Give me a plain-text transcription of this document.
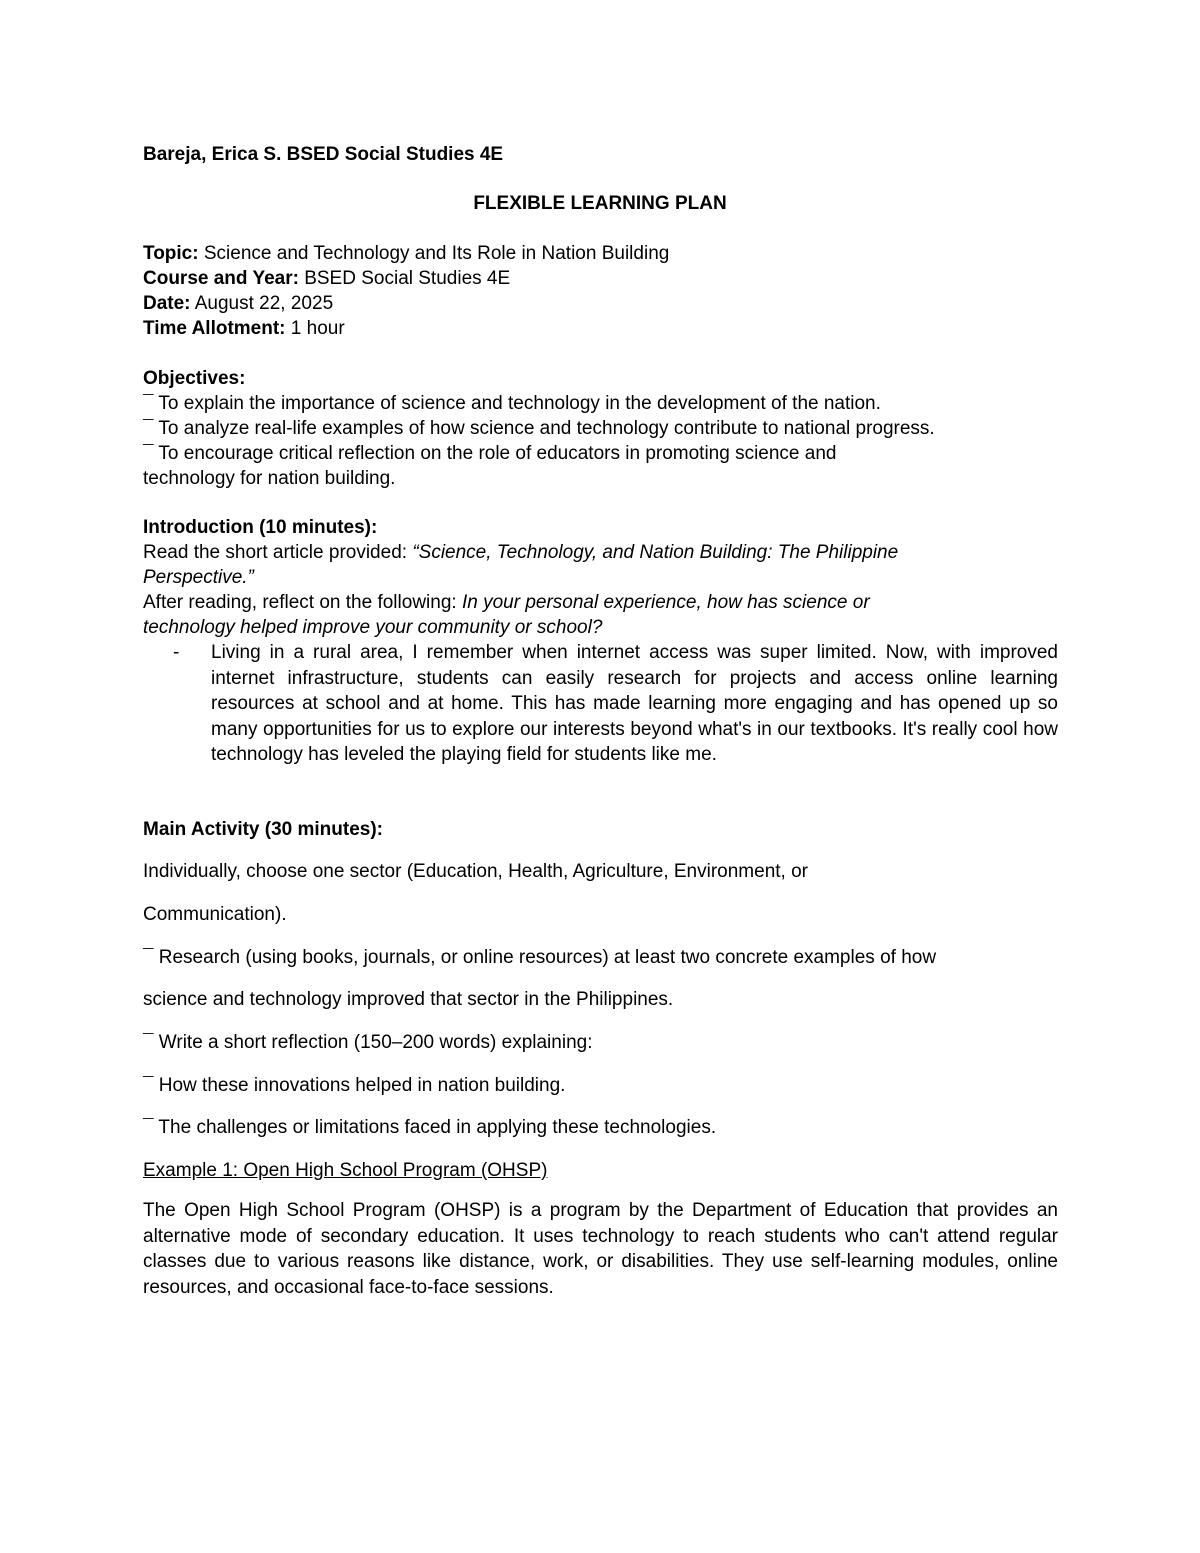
Bareja, Erica S. BSED Social Studies 4E
FLEXIBLE LEARNING PLAN
Topic: Science and Technology and Its Role in Nation Building
Course and Year: BSED Social Studies 4E
Date: August 22, 2025
Time Allotment: 1 hour
Objectives:
¯ To explain the importance of science and technology in the development of the nation.
¯ To analyze real-life examples of how science and technology contribute to national progress.
¯ To encourage critical reflection on the role of educators in promoting science and
technology for nation building.
Introduction (10 minutes):
Read the short article provided: “Science, Technology, and Nation Building: The Philippine
Perspective.”
After reading, reflect on the following: In your personal experience, how has science or
technology helped improve your community or school?
- Living in a rural area, I remember when internet access was super limited. Now, with improved internet infrastructure, students can easily research for projects and access online learning resources at school and at home. This has made learning more engaging and has opened up so many opportunities for us to explore our interests beyond what's in our textbooks. It's really cool how technology has leveled the playing field for students like me.
Main Activity (30 minutes):
Individually, choose one sector (Education, Health, Agriculture, Environment, or
Communication).
¯ Research (using books, journals, or online resources) at least two concrete examples of how
science and technology improved that sector in the Philippines.
¯ Write a short reflection (150–200 words) explaining:
¯ How these innovations helped in nation building.
¯ The challenges or limitations faced in applying these technologies.
Example 1: Open High School Program (OHSP)
The Open High School Program (OHSP) is a program by the Department of Education that provides an alternative mode of secondary education. It uses technology to reach students who can't attend regular classes due to various reasons like distance, work, or disabilities. They use self-learning modules, online resources, and occasional face-to-face sessions.
